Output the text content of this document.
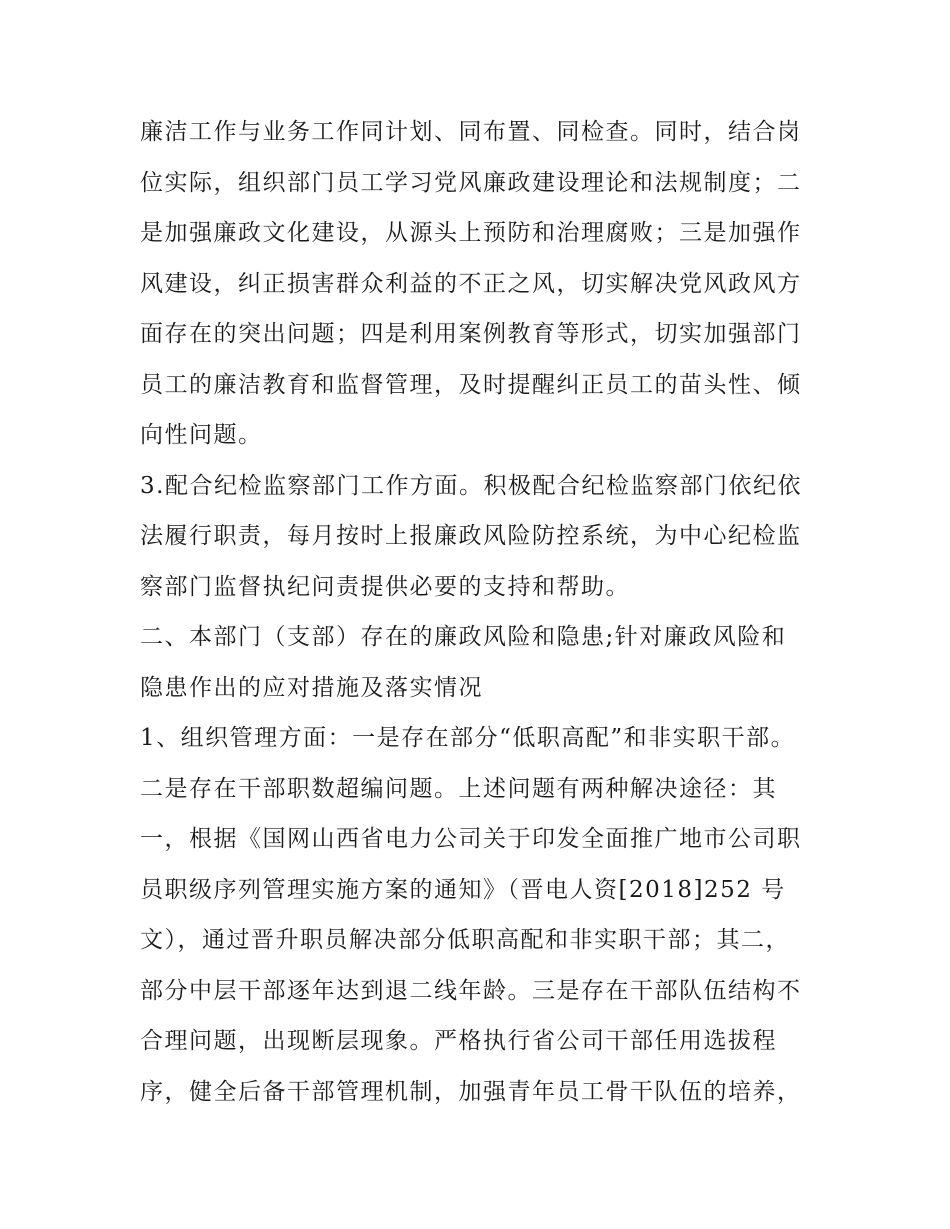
廉洁工作与业务工作同计划、同布置、同检查。同时，结合岗
位实际，组织部门员工学习党风廉政建设理论和法规制度；二
是加强廉政文化建设，从源头上预防和治理腐败；三是加强作
风建设，纠正损害群众利益的不正之风，切实解决党风政风方
面存在的突出问题；四是利用案例教育等形式，切实加强部门
员工的廉洁教育和监督管理，及时提醒纠正员工的苗头性、倾
向性问题。
3.配合纪检监察部门工作方面。积极配合纪检监察部门依纪依
法履行职责，每月按时上报廉政风险防控系统，为中心纪检监
察部门监督执纪问责提供必要的支持和帮助。
二、本部门（支部）存在的廉政风险和隐患;针对廉政风险和
隐患作出的应对措施及落实情况
1、组织管理方面：一是存在部分“低职高配”和非实职干部。
二是存在干部职数超编问题。上述问题有两种解决途径：其
一，根据《国网山西省电力公司关于印发全面推广地市公司职
员职级序列管理实施方案的通知》（晋电人资[2018]252 号
文），通过晋升职员解决部分低职高配和非实职干部；其二，
部分中层干部逐年达到退二线年龄。三是存在干部队伍结构不
合理问题，出现断层现象。严格执行省公司干部任用选拔程
序，健全后备干部管理机制，加强青年员工骨干队伍的培养，
